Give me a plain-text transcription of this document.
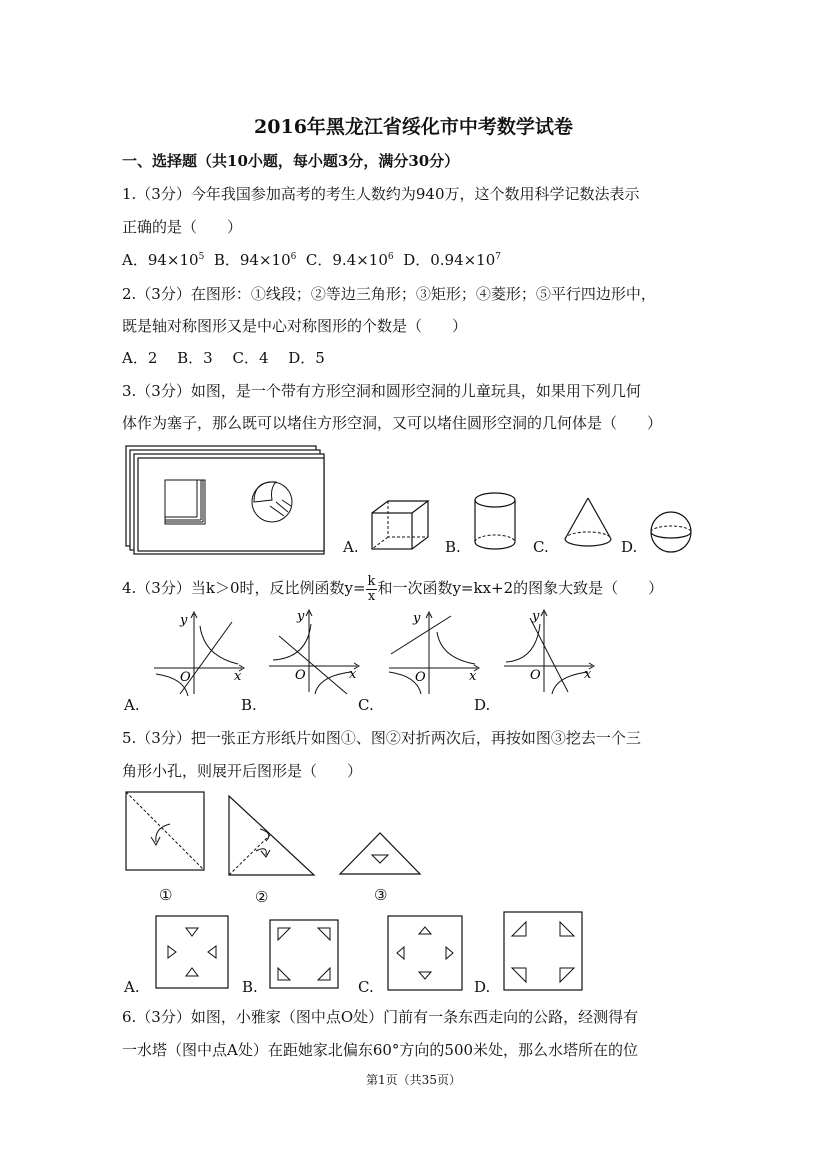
2016年黑龙江省绥化市中考数学试卷
一、选择题（共10小题，每小题3分，满分30分）
1.（3分）今年我国参加高考的考生人数约为940万，这个数用科学记数法表示
正确的是（　　）
A．$94\times 10^5$ B．$94\times 10^6$ C．$9.4\times 10^6$ D．$0.94\times 10^7$
2.（3分）在图形：①线段；②等边三角形；③矩形；④菱形；⑤平行四边形中，
既是轴对称图形又是中心对称图形的个数是（　　）
A．2　 B．3　 C．4　 D．5
3.（3分）如图，是一个带有方形空洞和圆形空洞的儿童玩具，如果用下列几何
体作为塞子，那么既可以堵住方形空洞，又可以堵住圆形空洞的几何体是（　　）
A.	B.	C.	D.
4.（3分）当k＞0时，反比例函数$y= \frac{k}{x}$ 和一次函数y=kx+2的图象大致是（　　）
y
x
O
A.
y
x
O
B.
y
x
O
C.
y
x
O
D.
5.（3分）把一张正方形纸片如图①、图②对折两次后，再按如图③挖去一个三
角形小孔，则展开后图形是（　　）
①	②	③
A.	B.	C.	D.
6.（3分）如图，小雅家（图中点O处）门前有一条东西走向的公路，经测得有
一水塔（图中点A处）在距她家北偏东60°方向的500米处，那么水塔所在的位
第1页（共35页）
